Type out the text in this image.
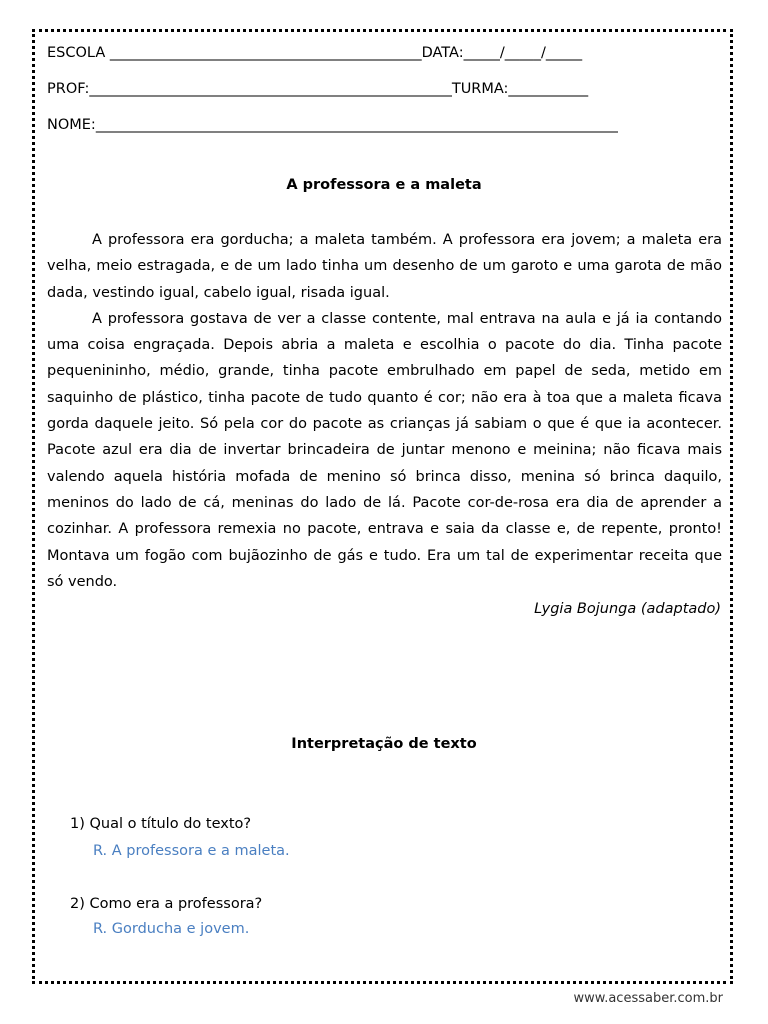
ESCOLA ___________________________________________DATA:_____/_____/_____
PROF:__________________________________________________TURMA:___________
NOME:________________________________________________________________________
A professora e a maleta

A professora era gorducha; a maleta também. A professora era jovem; a maleta era velha, meio estragada, e de um lado tinha um desenho de um garoto e uma garota de mão dada, vestindo igual, cabelo igual, risada igual.

A professora gostava de ver a classe contente, mal entrava na aula e já ia contando uma coisa engraçada. Depois abria a maleta e escolhia o pacote do dia. Tinha pacote pequenininho, médio, grande, tinha pacote embrulhado em papel de seda, metido em saquinho de plástico, tinha pacote de tudo quanto é cor; não era à toa que a maleta ficava gorda daquele jeito. Só pela cor do pacote as crianças já sabiam o que é que ia acontecer. Pacote azul era dia de invertar brincadeira de juntar menono e meinina; não ficava mais valendo aquela história mofada de menino só brinca disso, menina só brinca daquilo, meninos do lado de cá, meninas do lado de lá. Pacote cor-de-rosa era dia de aprender a cozinhar. A professora remexia no pacote, entrava e saia da classe e, de repente, pronto! Montava um fogão com bujãozinho de gás e tudo. Era um tal de experimentar receita que só vendo.

Lygia Bojunga (adaptado)
Interpretação de texto
1) Qual o título do texto?
R. A professora e a maleta.
2) Como era a professora?
R. Gorducha e jovem.
www.acessaber.com.br
